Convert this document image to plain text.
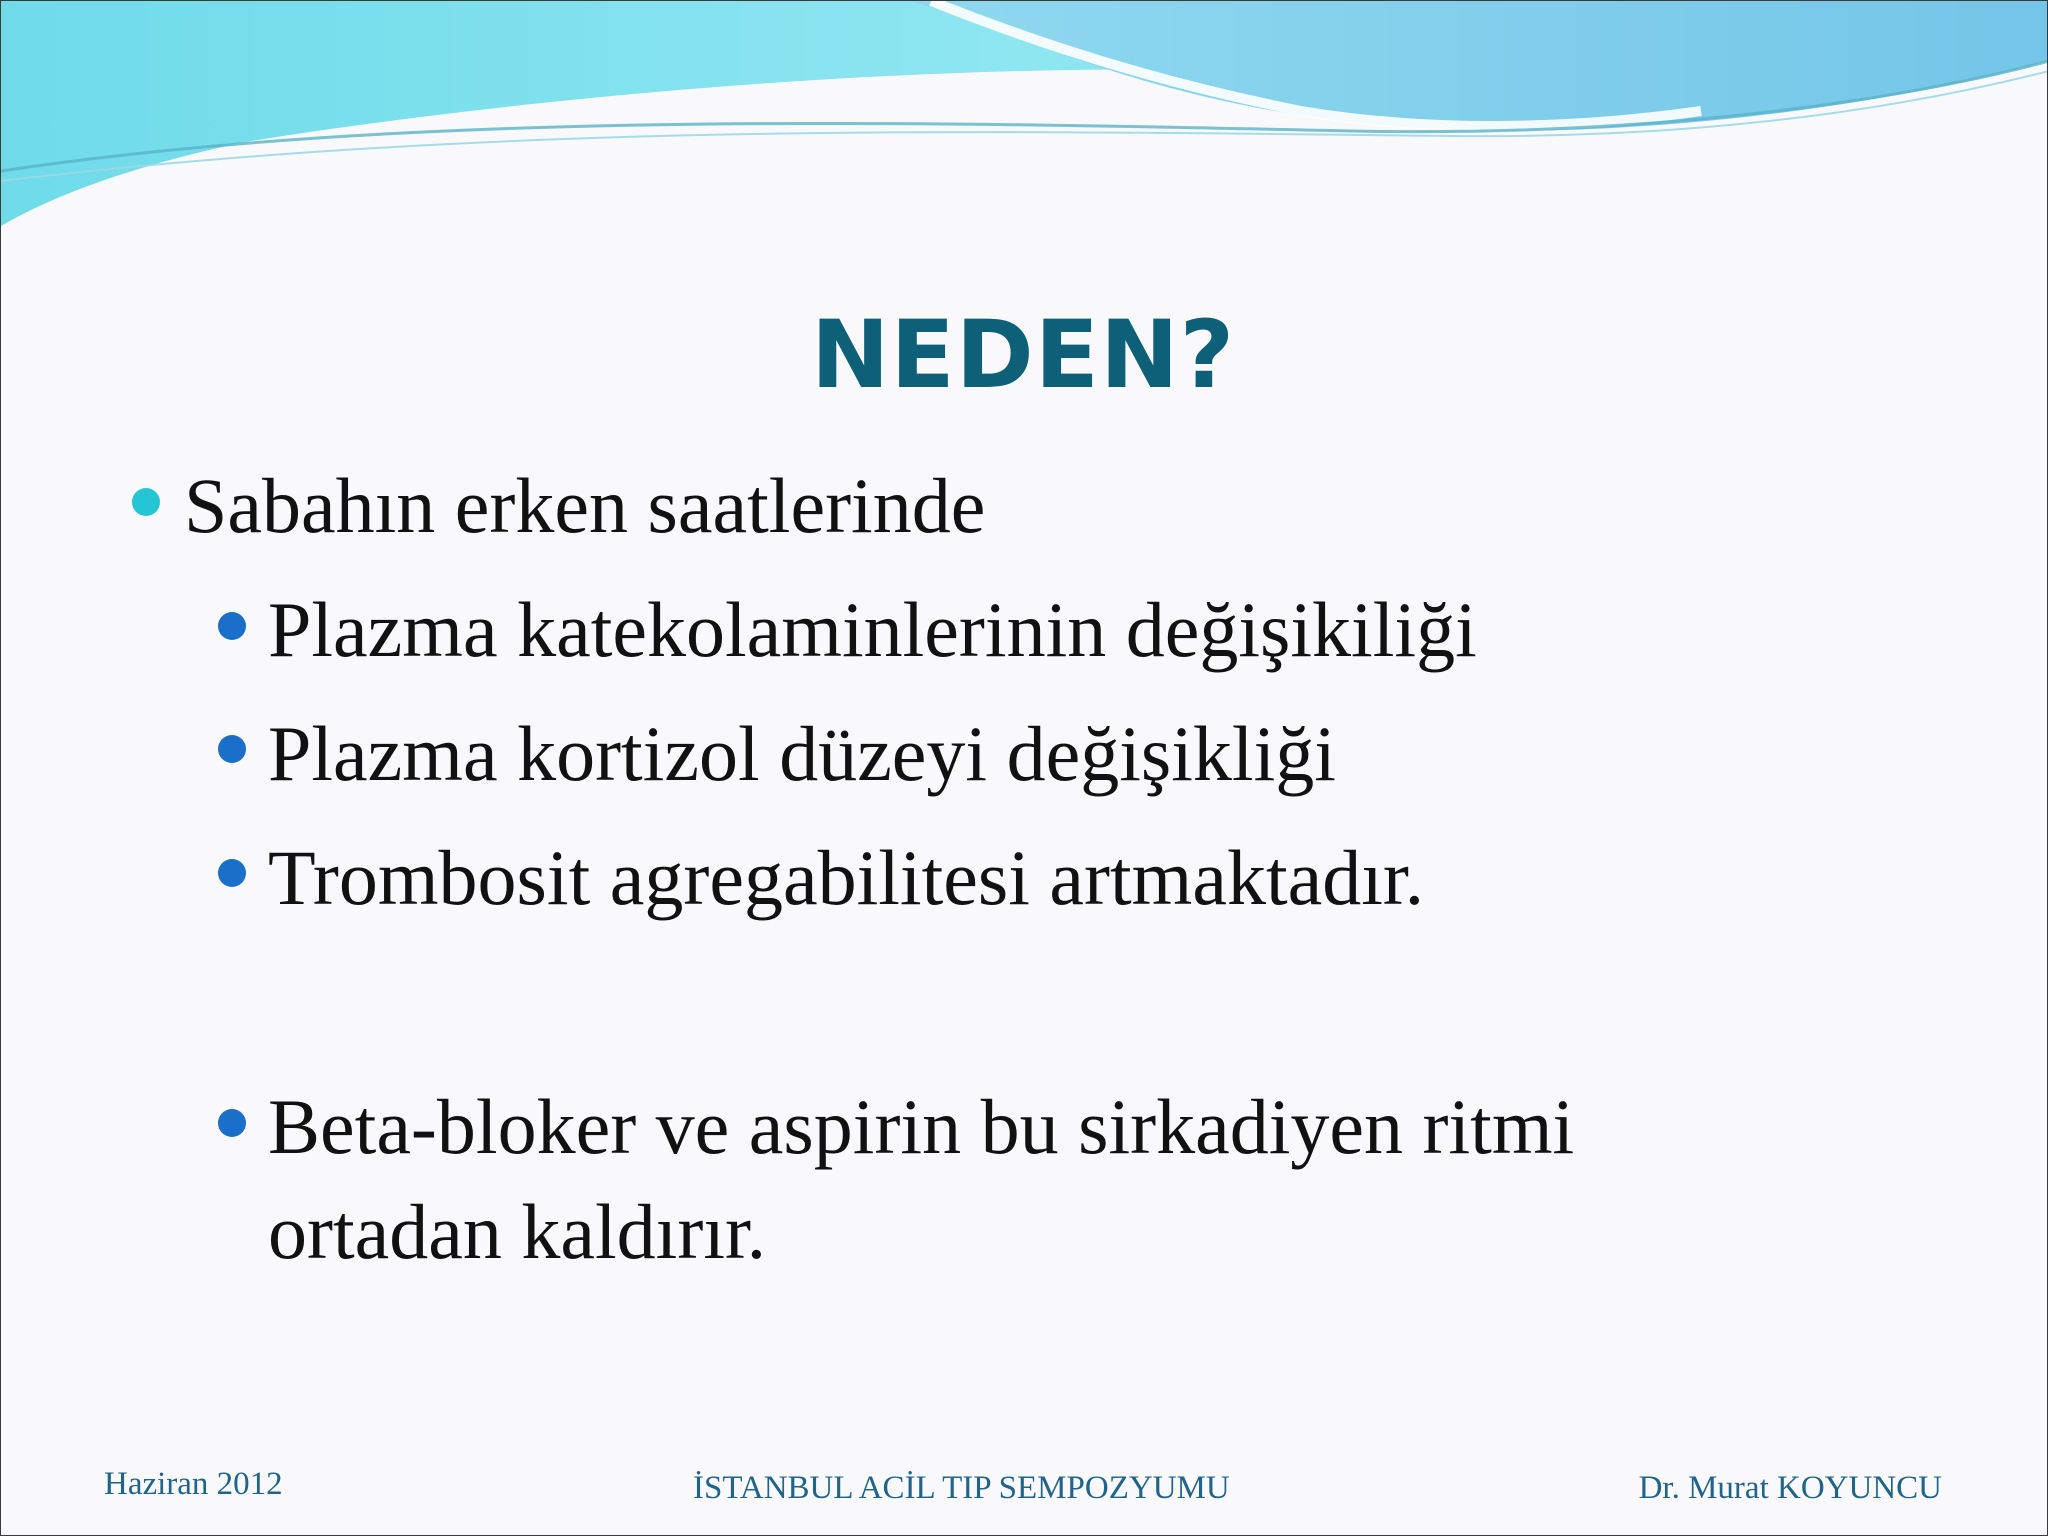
NEDEN?
Sabahın erken saatlerinde
Plazma katekolaminlerinin değişikiliği
Plazma kortizol düzeyi değişikliği
Trombosit agregabilitesi artmaktadır.
Beta-bloker ve aspirin bu sirkadiyen ritmi
ortadan kaldırır.
Haziran 2012	İSTANBUL ACİL TIP SEMPOZYUMU	Dr. Murat KOYUNCU
